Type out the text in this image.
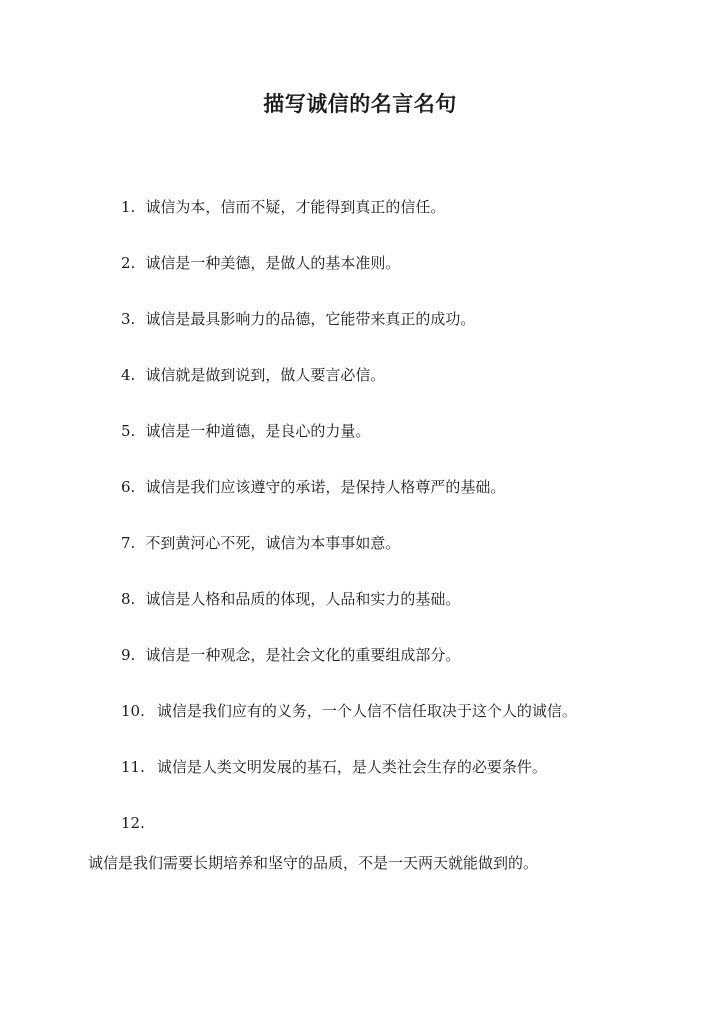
描写诚信的名言名句
1. 诚信为本，信而不疑，才能得到真正的信任。
2. 诚信是一种美德，是做人的基本准则。
3. 诚信是最具影响力的品德，它能带来真正的成功。
4. 诚信就是做到说到，做人要言必信。
5. 诚信是一种道德，是良心的力量。
6. 诚信是我们应该遵守的承诺，是保持人格尊严的基础。
7. 不到黄河心不死，诚信为本事事如意。
8. 诚信是人格和品质的体现，人品和实力的基础。
9. 诚信是一种观念，是社会文化的重要组成部分。
10. 诚信是我们应有的义务，一个人信不信任取决于这个人的诚信。
11. 诚信是人类文明发展的基石，是人类社会生存的必要条件。
12.
诚信是我们需要长期培养和坚守的品质，不是一天两天就能做到的。
